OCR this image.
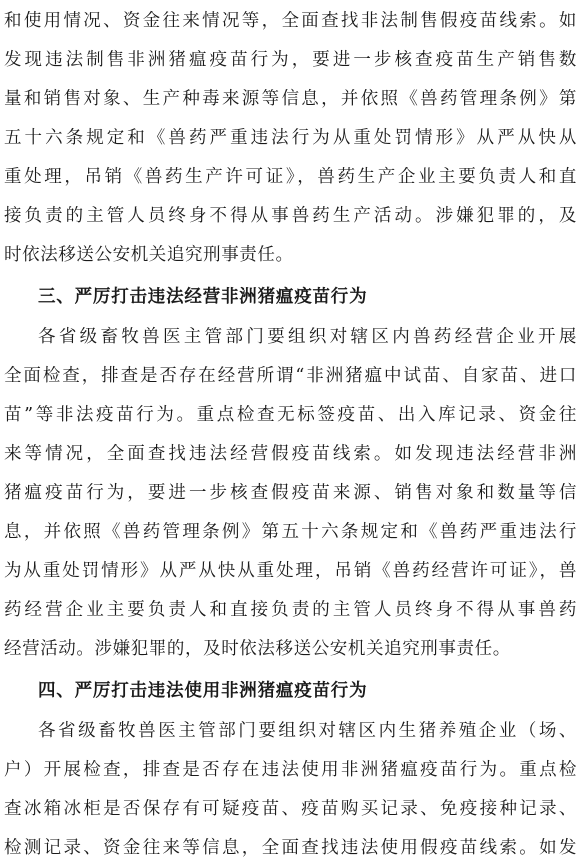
和使用情况、资金往来情况等，全面查找非法制售假疫苗线索。如
发现违法制售非洲猪瘟疫苗行为，要进一步核查疫苗生产销售数
量和销售对象、生产种毒来源等信息，并依照《兽药管理条例》第
五十六条规定和《兽药严重违法行为从重处罚情形》从严从快从
重处理，吊销《兽药生产许可证》，兽药生产企业主要负责人和直
接负责的主管人员终身不得从事兽药生产活动。涉嫌犯罪的，及
时依法移送公安机关追究刑事责任。
三、严厉打击违法经营非洲猪瘟疫苗行为
各省级畜牧兽医主管部门要组织对辖区内兽药经营企业开展
全面检查，排查是否存在经营所谓“非洲猪瘟中试苗、自家苗、进口
苗”等非法疫苗行为。重点检查无标签疫苗、出入库记录、资金往
来等情况，全面查找违法经营假疫苗线索。如发现违法经营非洲
猪瘟疫苗行为，要进一步核查假疫苗来源、销售对象和数量等信
息，并依照《兽药管理条例》第五十六条规定和《兽药严重违法行
为从重处罚情形》从严从快从重处理，吊销《兽药经营许可证》，兽
药经营企业主要负责人和直接负责的主管人员终身不得从事兽药
经营活动。涉嫌犯罪的，及时依法移送公安机关追究刑事责任。
四、严厉打击违法使用非洲猪瘟疫苗行为
各省级畜牧兽医主管部门要组织对辖区内生猪养殖企业（场、
户）开展检查，排查是否存在违法使用非洲猪瘟疫苗行为。重点检
查冰箱冰柜是否保存有可疑疫苗、疫苗购买记录、免疫接种记录、
检测记录、资金往来等信息，全面查找违法使用假疫苗线索。如发
